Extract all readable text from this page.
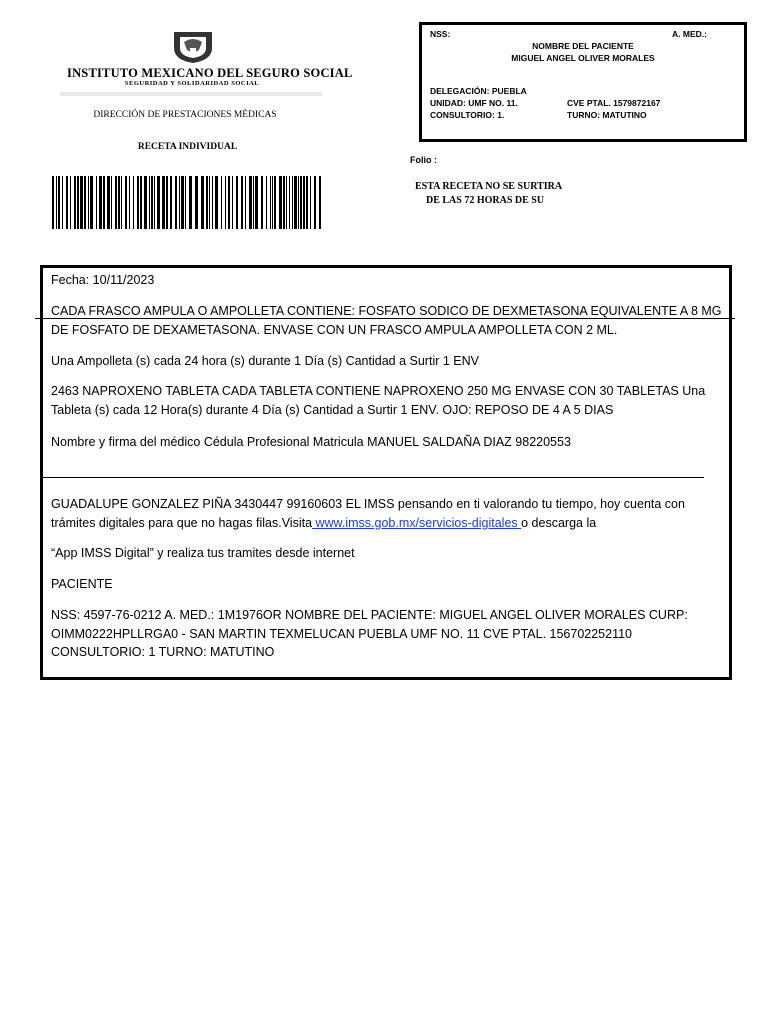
INSTITUTO MEXICANO DEL SEGURO SOCIAL
SEGURIDAD Y SOLIDARIDAD SOCIAL
DIRECCIÓN DE PRESTACIONES MÉDICAS
RECETA INDIVIDUAL
NSS:	A. MED.:
NOMBRE DEL PACIENTE
MIGUEL ANGEL OLIVER MORALES
DELEGACIÓN: PUEBLA
UNIDAD: UMF NO. 11.	CVE PTAL. 1579872167
CONSULTORIO: 1.	TURNO: MATUTINO
Folio :
ESTA RECETA NO SE SURTIRA
DE LAS 72 HORAS DE SU
Fecha: 10/11/2023
CADA FRASCO AMPULA O AMPOLLETA CONTIENE: FOSFATO SODICO DE DEXMETASONA EQUIVALENTE A 8 MG DE FOSFATO DE DEXAMETASONA. ENVASE CON UN FRASCO AMPULA AMPOLLETA CON 2 ML.
Una Ampolleta (s) cada 24 hora (s) durante 1 Día (s) Cantidad a Surtir 1 ENV
2463 NAPROXENO TABLETA CADA TABLETA CONTIENE NAPROXENO 250 MG ENVASE CON 30 TABLETAS Una Tableta (s) cada 12 Hora(s) durante 4 Día (s) Cantidad a Surtir 1 ENV. OJO: REPOSO DE 4 A 5 DIAS
Nombre y firma del médico Cédula Profesional Matricula MANUEL SALDAÑA DIAZ 98220553
GUADALUPE GONZALEZ PIÑA 3430447 99160603 EL IMSS pensando en ti valorando tu tiempo, hoy cuenta con trámites digitales para que no hagas filas.Visita www.imss.gob.mx/servicios-digitales o descarga la
“App IMSS Digital” y realiza tus tramites desde internet
PACIENTE
NSS: 4597-76-0212 A. MED.: 1M1976OR NOMBRE DEL PACIENTE: MIGUEL ANGEL OLIVER MORALES CURP: OIMM0222HPLLRGA0 - SAN MARTIN TEXMELUCAN PUEBLA UMF NO. 11 CVE PTAL. 156702252110 CONSULTORIO: 1 TURNO: MATUTINO
